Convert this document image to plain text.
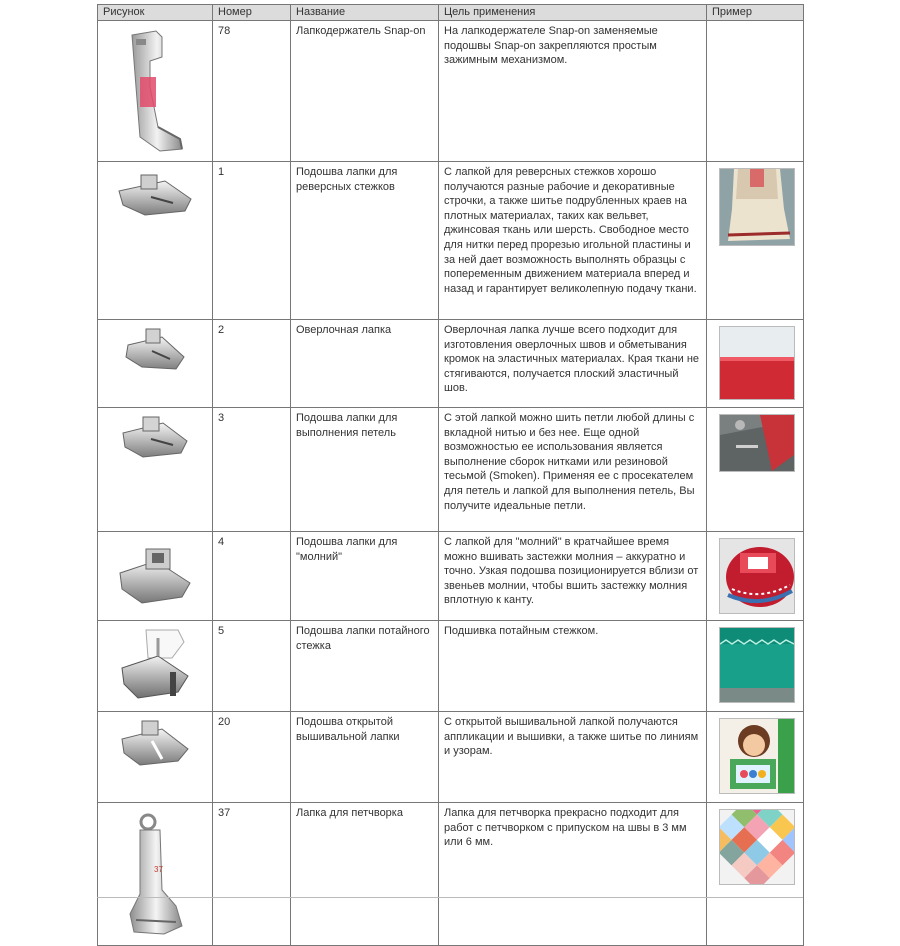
Рисунок	Номер	Название	Цель применения	Пример

	78	Лапкодержатель Snap-on	На лапкодержателе Snap-on заменяемые подошвы Snap-on закрепляются простым зажимным механизмом.	

	1	Подошва лапки для реверсных стежков	С лапкой для реверсных стежков хорошо получаются разные рабочие и декоративные строчки, а также шитье подрубленных краев на плотных материалах, таких как вельвет, джинсовая ткань или шерсть. Свободное место для нитки перед прорезью игольной пластины и за ней дает возможность выполнять образцы с попеременным движением материала вперед и назад и гарантирует великолепную подачу ткани.	

	2	Оверлочная лапка	Оверлочная лапка лучше всего подходит для изготовления оверлочных швов и обметывания кромок на эластичных материалах. Края ткани не стягиваются, получается плоский эластичный шов.	

	3	Подошва лапки для выполнения петель	С этой лапкой можно шить петли любой длины с вкладной нитью и без нее. Еще одной возможностью ее использования является выполнение сборок нитками или резиновой тесьмой (Smoken). Применяя ее с просекателем для петель и лапкой для выполнения петель, Вы получите идеальные петли.	

	4	Подошва лапки для "молний"	С лапкой для "молний" в кратчайшее время можно вшивать застежки молния – аккуратно и точно. Узкая подошва позиционируется вблизи от звеньев молнии, чтобы вшить застежку молния вплотную к канту.	

	5	Подошва лапки потайного стежка	Подшивка потайным стежком.	

	20	Подошва открытой вышивальной лапки	С открытой вышивальной лапкой получаются аппликации и вышивки, а также шитье по линиям и узорам.	

37	37	Лапка для петчворка	Лапка для петчворка прекрасно подходит для работ с петчворком с припуском на швы в 3 мм или 6 мм.	
